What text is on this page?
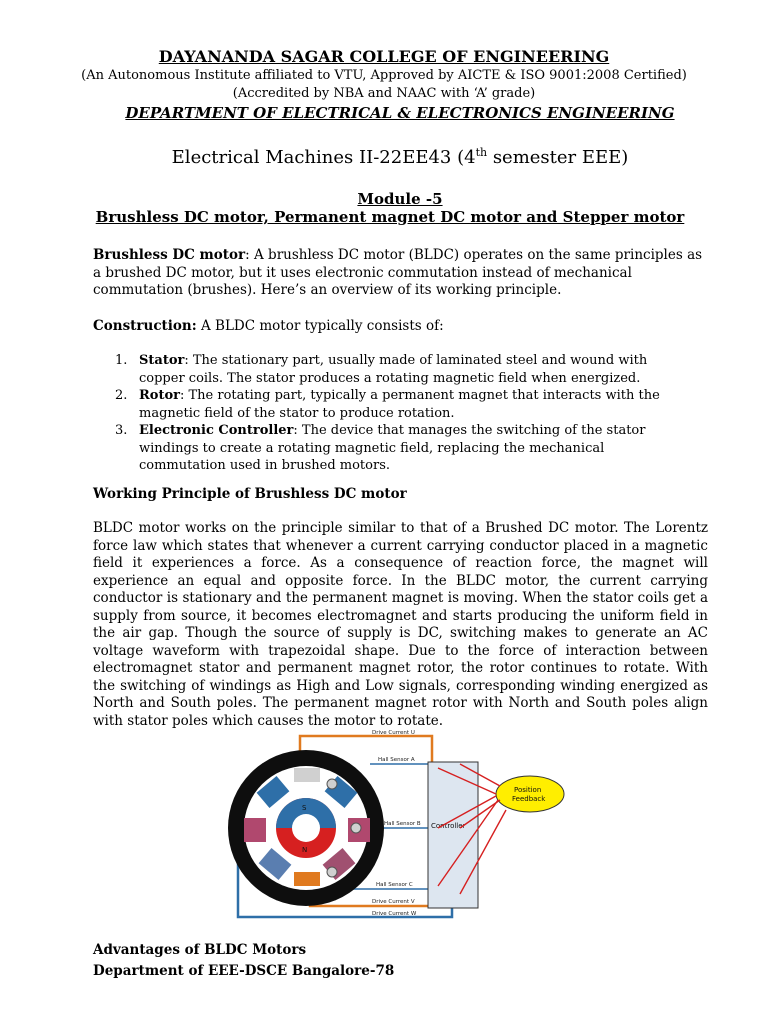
DAYANANDA SAGAR COLLEGE OF ENGINEERING
(An Autonomous Institute affiliated to VTU, Approved by AICTE & ISO 9001:2008 Certified)
(Accredited by NBA and NAAC with ‘A’ grade)
DEPARTMENT OF ELECTRICAL & ELECTRONICS ENGINEERING
Electrical Machines II-22EE43 (4th semester EEE)
Module -5
Brushless DC motor, Permanent magnet DC motor and Stepper motor
Brushless DC motor: A brushless DC motor (BLDC) operates on the same principles as a brushed DC motor, but it uses electronic commutation instead of mechanical commutation (brushes). Here’s an overview of its working principle.
Construction: A BLDC motor typically consists of:
1. Stator: The stationary part, usually made of laminated steel and wound with copper coils. The stator produces a rotating magnetic field when energized.
2. Rotor: The rotating part, typically a permanent magnet that interacts with the magnetic field of the stator to produce rotation.
3. Electronic Controller: The device that manages the switching of the stator windings to create a rotating magnetic field, replacing the mechanical commutation used in brushed motors.
Working Principle of Brushless DC motor
BLDC motor works on the principle similar to that of a Brushed DC motor. The Lorentz force law which states that whenever a current carrying conductor placed in a magnetic field it experiences a force. As a consequence of reaction force, the magnet will experience an equal and opposite force. In the BLDC motor, the current carrying conductor is stationary and the permanent magnet is moving. When the stator coils get a supply from source, it becomes electromagnet and starts producing the uniform field in the air gap. Though the source of supply is DC, switching makes to generate an AC voltage waveform with trapezoidal shape. Due to the force of interaction between electromagnet stator and permanent magnet rotor, the rotor continues to rotate. With the switching of windings as High and Low signals, corresponding winding energized as North and South poles. The permanent magnet rotor with North and South poles align with stator poles which causes the motor to rotate.
S
N
Controller
Position
Feedback
Drive Current U
Hall Sensor A
Hall Sensor B
Hall Sensor C
Drive Current V
Drive Current W
Advantages of BLDC Motors
Department of EEE-DSCE Bangalore-78
